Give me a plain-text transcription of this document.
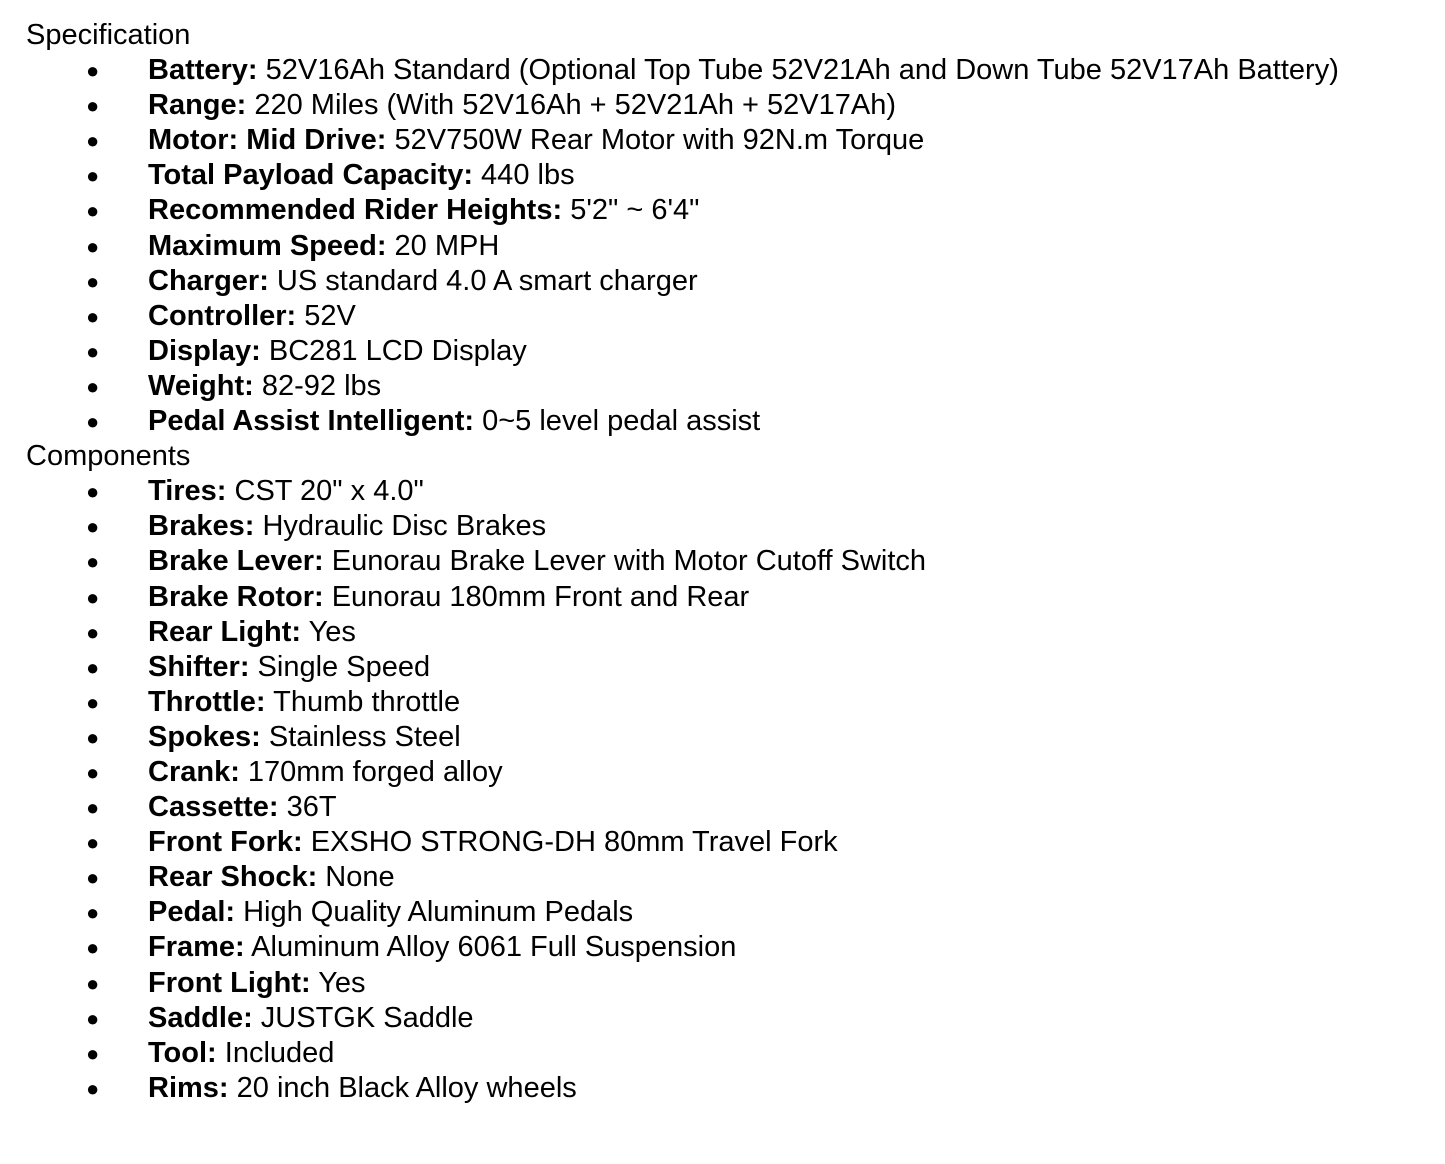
Specification
● Battery: 52V16Ah Standard (Optional Top Tube 52V21Ah and Down Tube 52V17Ah Battery)
● Range: 220 Miles (With 52V16Ah + 52V21Ah + 52V17Ah)
● Motor: Mid Drive: 52V750W Rear Motor with 92N.m Torque
● Total Payload Capacity: 440 lbs
● Recommended Rider Heights: 5'2" ~ 6'4"
● Maximum Speed: 20 MPH
● Charger: US standard 4.0 A smart charger
● Controller: 52V
● Display: BC281 LCD Display
● Weight: 82-92 lbs
● Pedal Assist Intelligent: 0~5 level pedal assist
Components
● Tires: CST 20" x 4.0"
● Brakes: Hydraulic Disc Brakes
● Brake Lever: Eunorau Brake Lever with Motor Cutoff Switch
● Brake Rotor: Eunorau 180mm Front and Rear
● Rear Light: Yes
● Shifter: Single Speed
● Throttle: Thumb throttle
● Spokes: Stainless Steel
● Crank: 170mm forged alloy
● Cassette: 36T
● Front Fork: EXSHO STRONG-DH 80mm Travel Fork
● Rear Shock: None
● Pedal: High Quality Aluminum Pedals
● Frame: Aluminum Alloy 6061 Full Suspension
● Front Light: Yes
● Saddle: JUSTGK Saddle
● Tool: Included
● Rims: 20 inch Black Alloy wheels
